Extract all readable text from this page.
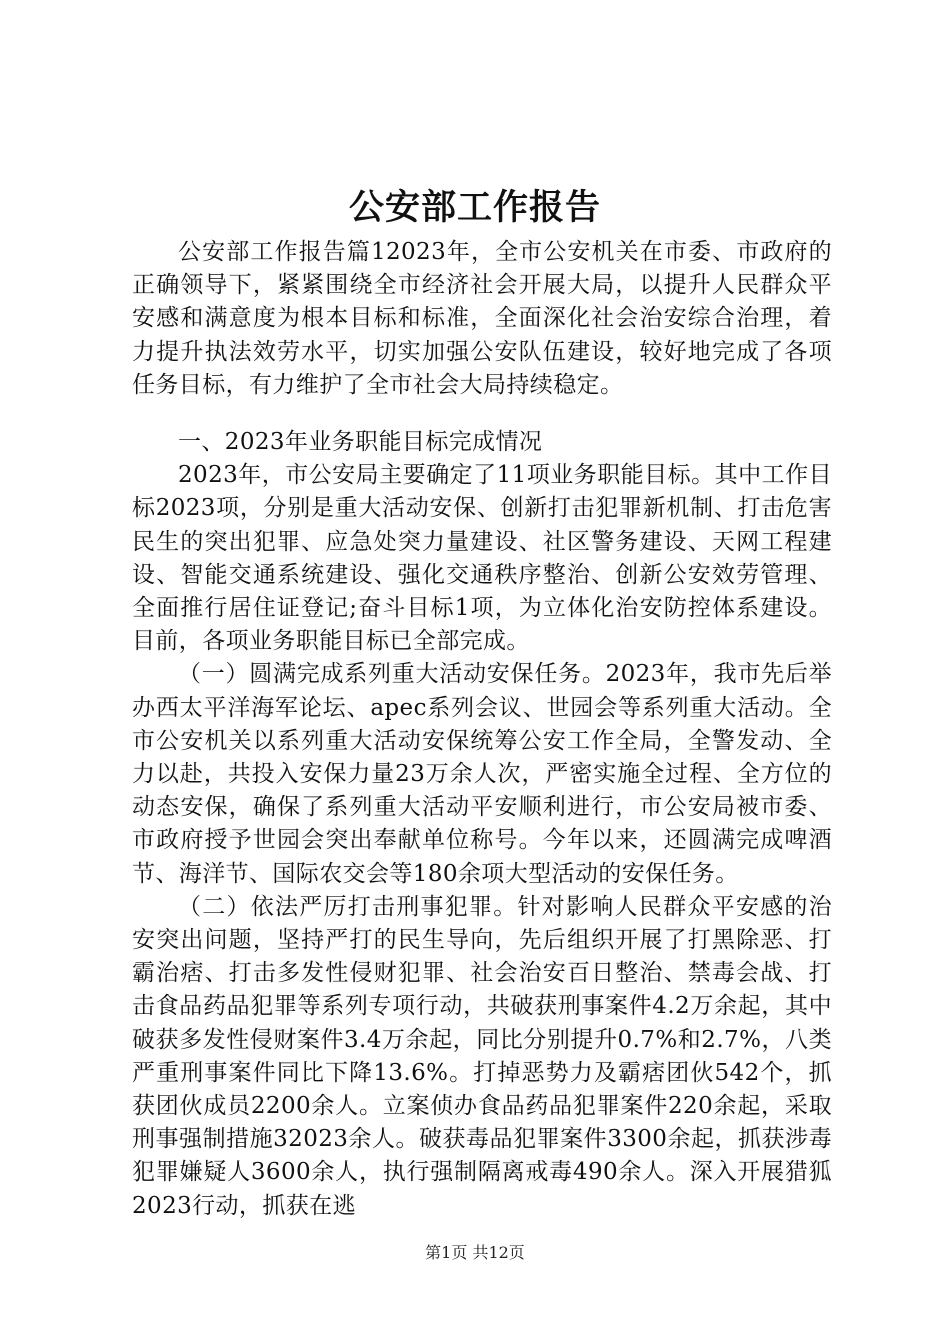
公安部工作报告

公安部工作报告篇12023年，全市公安机关在市委、市政府的正确领导下，紧紧围绕全市经济社会开展大局，以提升人民群众平安感和满意度为根本目标和标准，全面深化社会治安综合治理，着力提升执法效劳水平，切实加强公安队伍建设，较好地完成了各项任务目标，有力维护了全市社会大局持续稳定。

一、2023年业务职能目标完成情况

2023年，市公安局主要确定了11项业务职能目标。其中工作目标2023项，分别是重大活动安保、创新打击犯罪新机制、打击危害民生的突出犯罪、应急处突力量建设、社区警务建设、天网工程建设、智能交通系统建设、强化交通秩序整治、创新公安效劳管理、全面推行居住证登记;奋斗目标1项，为立体化治安防控体系建设。目前，各项业务职能目标已全部完成。

（一）圆满完成系列重大活动安保任务。2023年，我市先后举办西太平洋海军论坛、apec系列会议、世园会等系列重大活动。全市公安机关以系列重大活动安保统筹公安工作全局，全警发动、全力以赴，共投入安保力量23万余人次，严密实施全过程、全方位的动态安保，确保了系列重大活动平安顺利进行，市公安局被市委、市政府授予世园会突出奉献单位称号。今年以来，还圆满完成啤酒节、海洋节、国际农交会等180余项大型活动的安保任务。

（二）依法严厉打击刑事犯罪。针对影响人民群众平安感的治安突出问题，坚持严打的民生导向，先后组织开展了打黑除恶、打霸治痞、打击多发性侵财犯罪、社会治安百日整治、禁毒会战、打击食品药品犯罪等系列专项行动，共破获刑事案件4.2万余起，其中破获多发性侵财案件3.4万余起，同比分别提升0.7%和2.7%，八类严重刑事案件同比下降13.6%。打掉恶势力及霸痞团伙542个，抓获团伙成员2200余人。立案侦办食品药品犯罪案件220余起，采取刑事强制措施32023余人。破获毒品犯罪案件3300余起，抓获涉毒犯罪嫌疑人3600余人，执行强制隔离戒毒490余人。深入开展猎狐2023行动，抓获在逃

第1页 共12页
